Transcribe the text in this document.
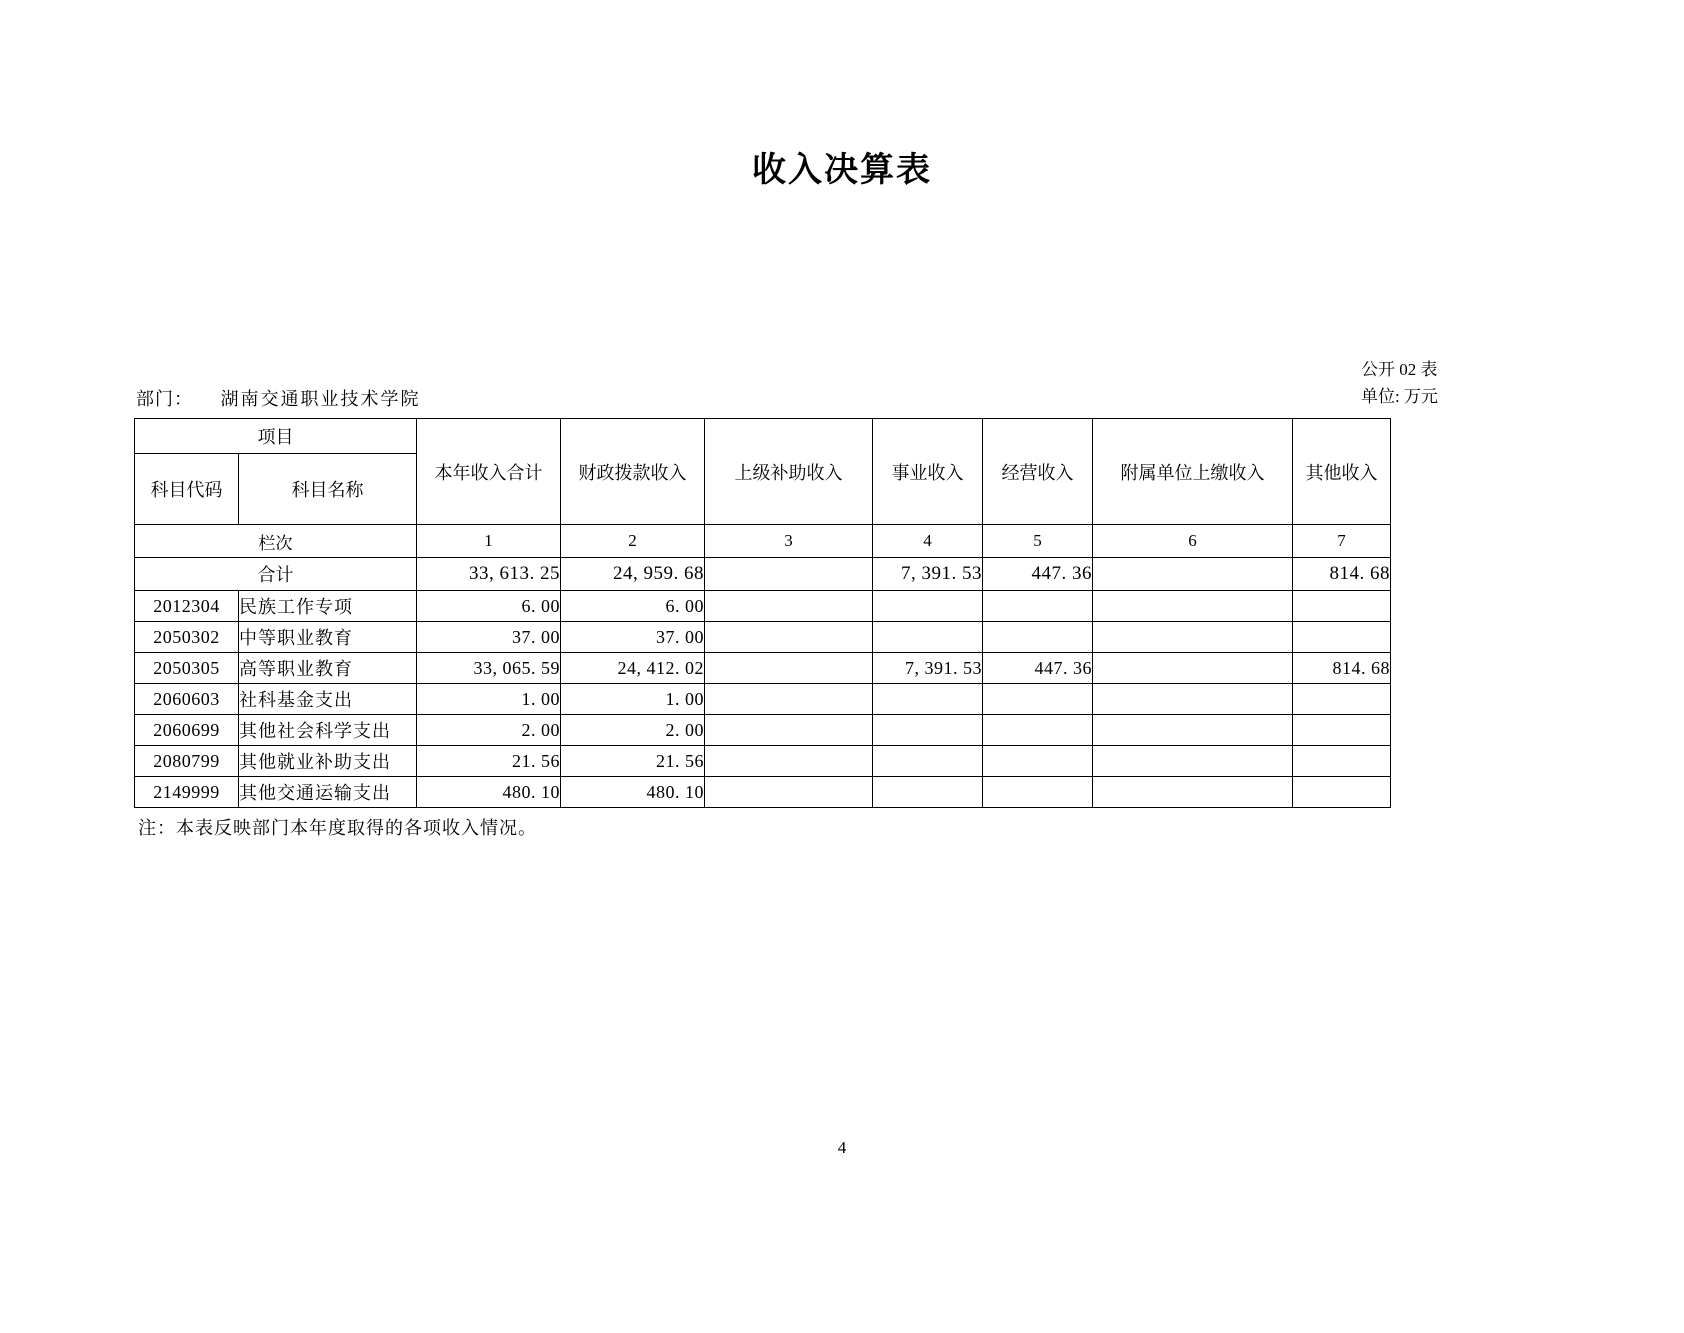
收入决算表
公开 02 表
单位: 万元
部门： 湖南交通职业技术学院
项目		本年收入合计	财政拨款收入	上级补助收入	事业收入	经营收入	附属单位上缴收入	其他收入
科目代码	科目名称							
栏次		1	2	3	4	5	6	7
合计		33, 613. 25	24, 959. 68		7, 391. 53	447. 36		814. 68
2012304	民族工作专项	6. 00	6. 00					
2050302	中等职业教育	37. 00	37. 00					
2050305	高等职业教育	33, 065. 59	24, 412. 02		7, 391. 53	447. 36		814. 68
2060603	社科基金支出	1. 00	1. 00					
2060699	其他社会科学支出	2. 00	2. 00					
2080799	其他就业补助支出	21. 56	21. 56					
2149999	其他交通运输支出	480. 10	480. 10					
注：本表反映部门本年度取得的各项收入情况。
4
